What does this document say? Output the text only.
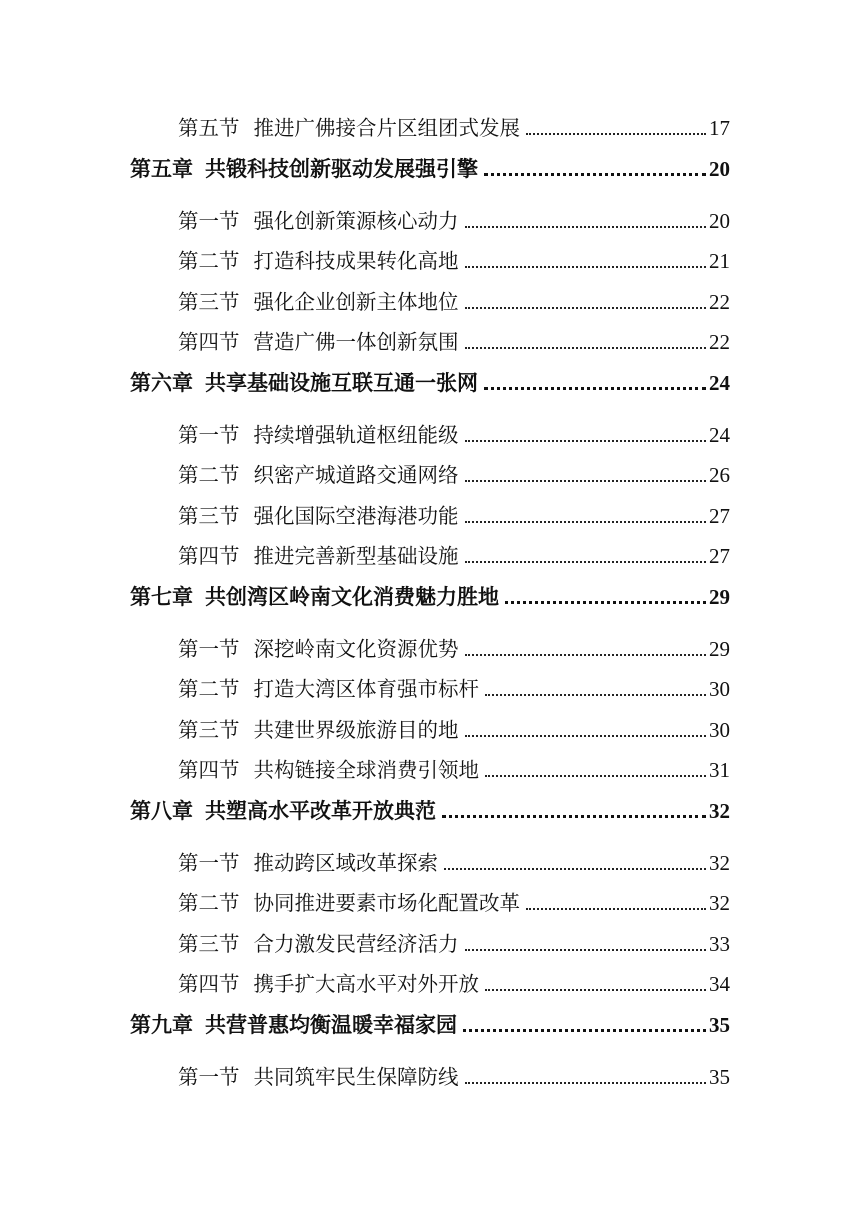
第五节 推进广佛接合片区组团式发展	17
第五章 共锻科技创新驱动发展强引擎	20
第一节 强化创新策源核心动力	20
第二节 打造科技成果转化高地	21
第三节 强化企业创新主体地位	22
第四节 营造广佛一体创新氛围	22
第六章 共享基础设施互联互通一张网	24
第一节 持续增强轨道枢纽能级	24
第二节 织密产城道路交通网络	26
第三节 强化国际空港海港功能	27
第四节 推进完善新型基础设施	27
第七章 共创湾区岭南文化消费魅力胜地	29
第一节 深挖岭南文化资源优势	29
第二节 打造大湾区体育强市标杆	30
第三节 共建世界级旅游目的地	30
第四节 共构链接全球消费引领地	31
第八章 共塑高水平改革开放典范	32
第一节 推动跨区域改革探索	32
第二节 协同推进要素市场化配置改革	32
第三节 合力激发民营经济活力	33
第四节 携手扩大高水平对外开放	34
第九章 共营普惠均衡温暖幸福家园	35
第一节 共同筑牢民生保障防线	35
